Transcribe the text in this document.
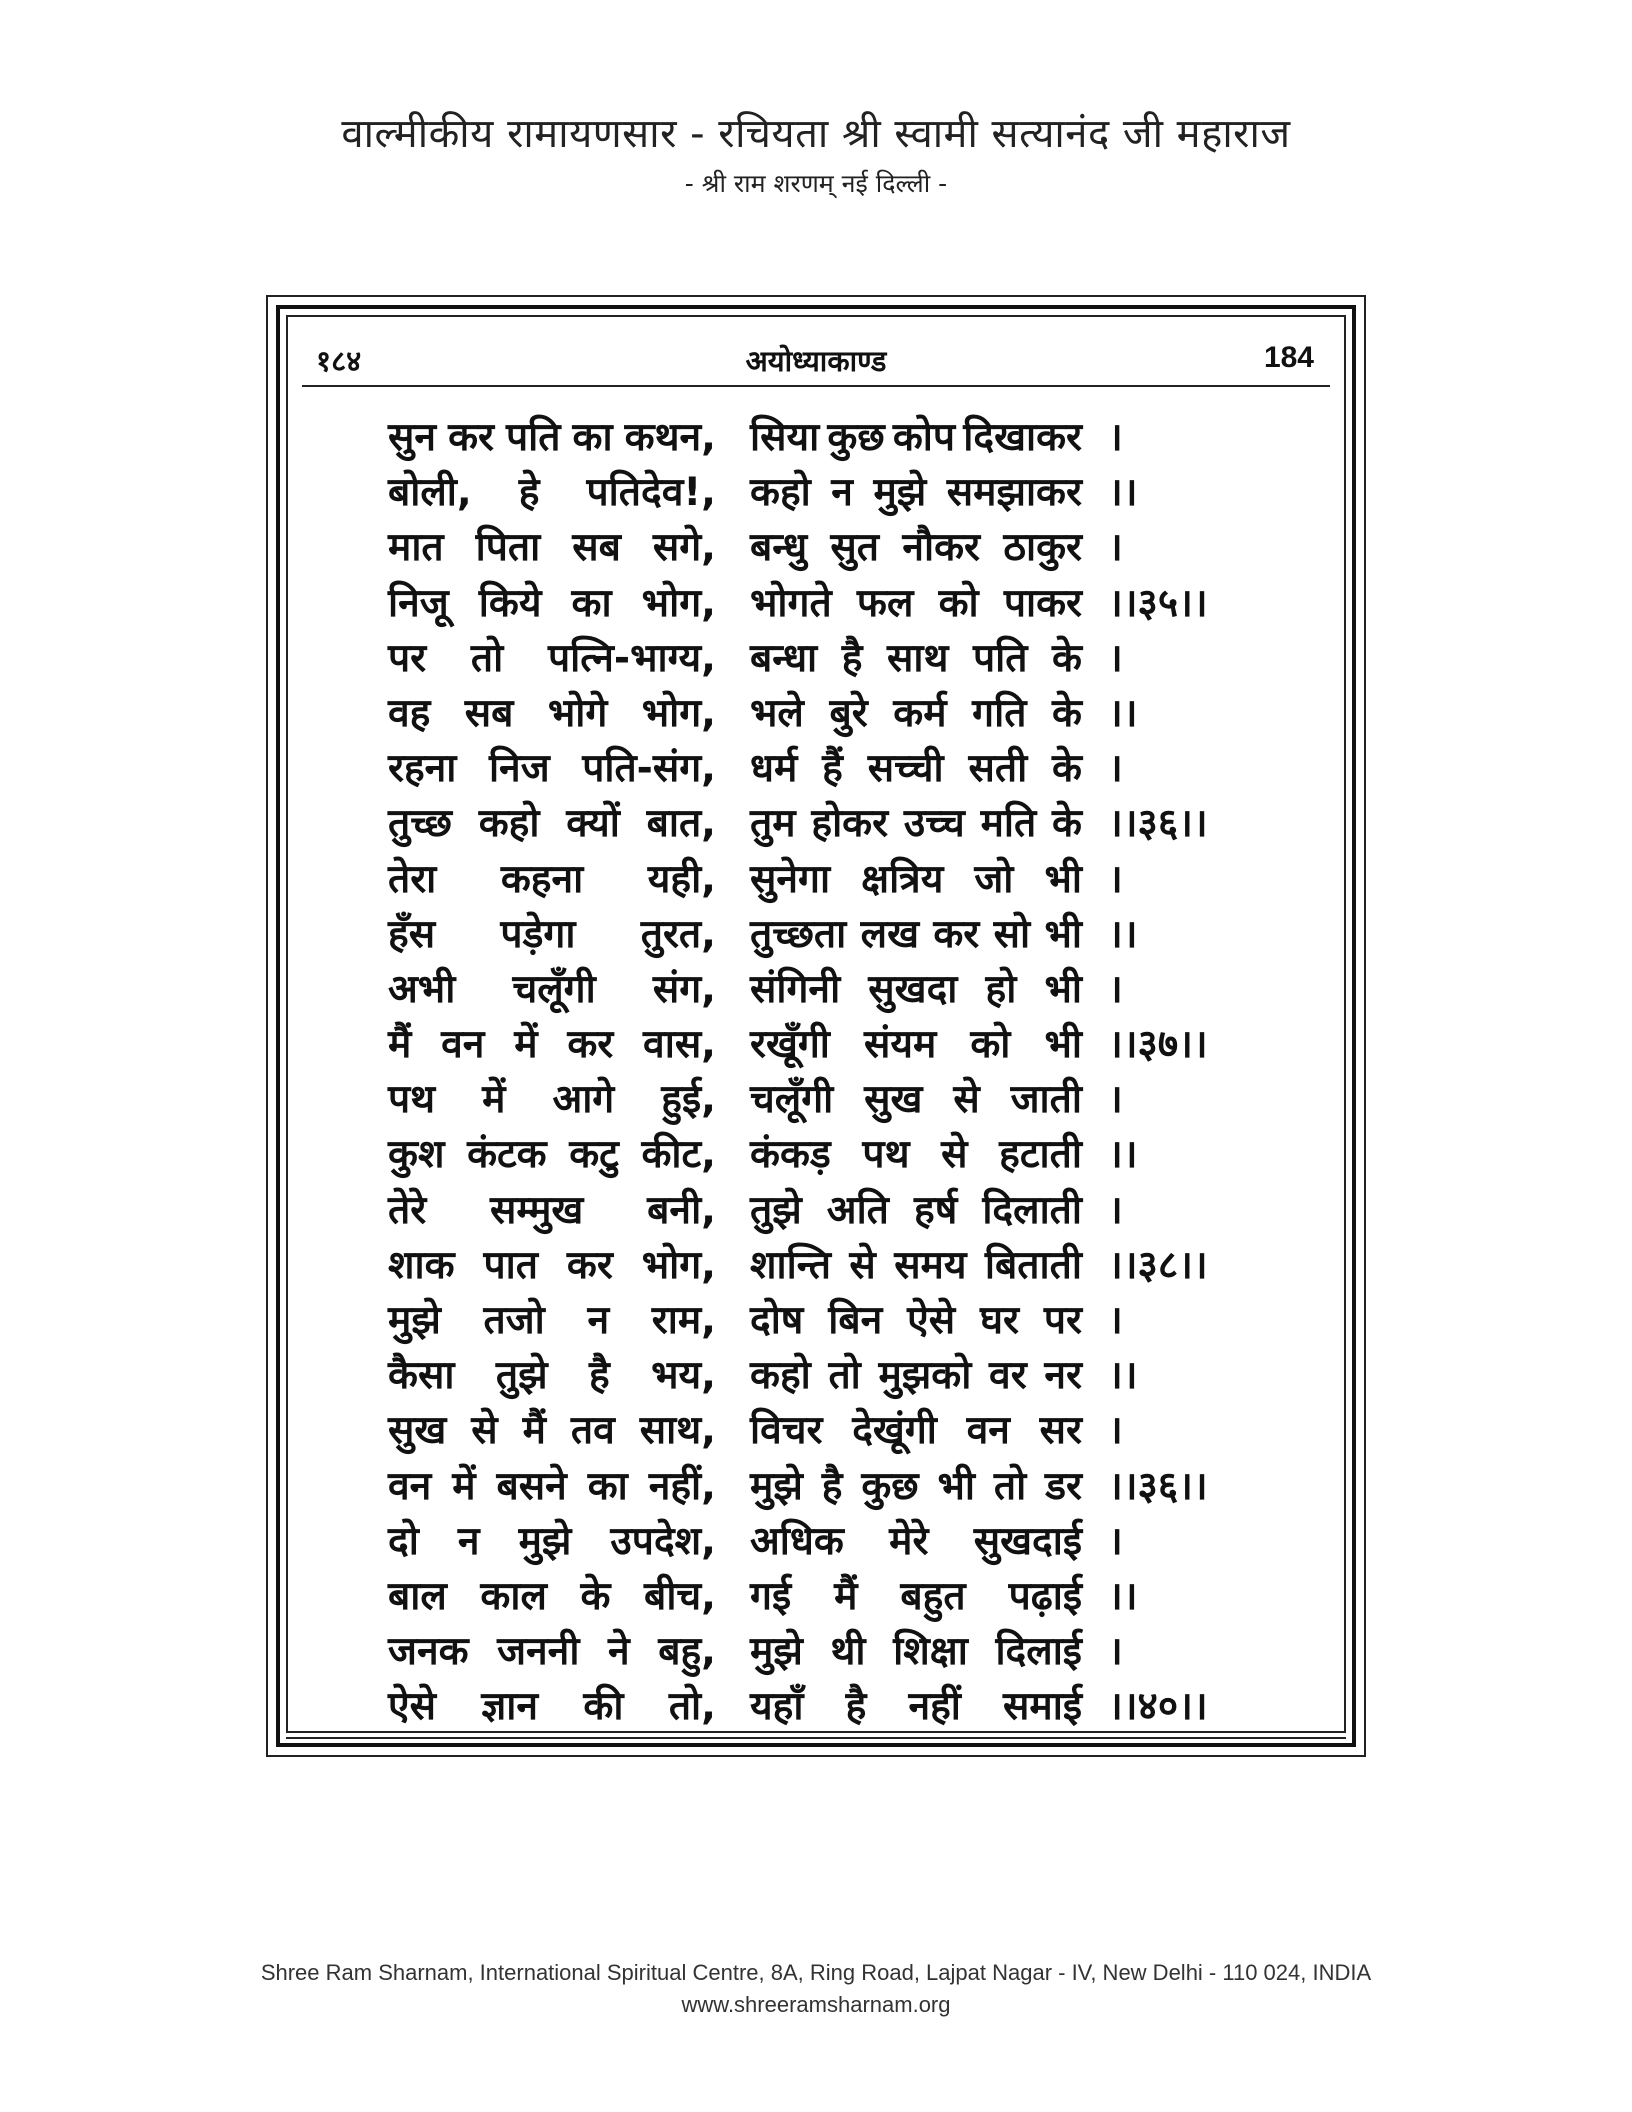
वाल्मीकीय रामायणसार - रचियता श्री स्वामी सत्यानंद जी महाराज
- श्री राम शरणम् नई दिल्ली -
१८४	अयोध्याकाण्ड	184
सुन कर पति का कथन, सिया कुछ कोप दिखाकर ।
बोली, हे पतिदेव!, कहो न मुझे समझाकर ।।
मात पिता सब सगे, बन्धु सुत नौकर ठाकुर ।
निजू किये का भोग, भोगते फल को पाकर ।।३५।।
पर तो पत्नि-भाग्य, बन्धा है साथ पति के ।
वह सब भोगे भोग, भले बुरे कर्म गति के ।।
रहना निज पति-संग, धर्म हैं सच्ची सती के ।
तुच्छ कहो क्यों बात, तुम होकर उच्च मति के ।।३६।।
तेरा कहना यही, सुनेगा क्षत्रिय जो भी ।
हँस पड़ेगा तुरत, तुच्छता लख कर सो भी ।।
अभी चलूँगी संग, संगिनी सुखदा हो भी ।
मैं वन में कर वास, रखूँगी संयम को भी ।।३७।।
पथ में आगे हुई, चलूँगी सुख से जाती ।
कुश कंटक कटु कीट, कंकड़ पथ से हटाती ।।
तेरे सम्मुख बनी, तुझे अति हर्ष दिलाती ।
शाक पात कर भोग, शान्ति से समय बिताती ।।३८।।
मुझे तजो न राम, दोष बिन ऐसे घर पर ।
कैसा तुझे है भय, कहो तो मुझको वर नर ।।
सुख से मैं तव साथ, विचर देखूंगी वन सर ।
वन में बसने का नहीं, मुझे है कुछ भी तो डर ।।३६।।
दो न मुझे उपदेश, अधिक मेरे सुखदाई ।
बाल काल के बीच, गई मैं बहुत पढ़ाई ।।
जनक जननी ने बहु, मुझे थी शिक्षा दिलाई ।
ऐसे ज्ञान की तो, यहाँ है नहीं समाई ।।४०।।
Shree Ram Sharnam, International Spiritual Centre, 8A, Ring Road, Lajpat Nagar - IV, New Delhi - 110 024, INDIA
www.shreeramsharnam.org
